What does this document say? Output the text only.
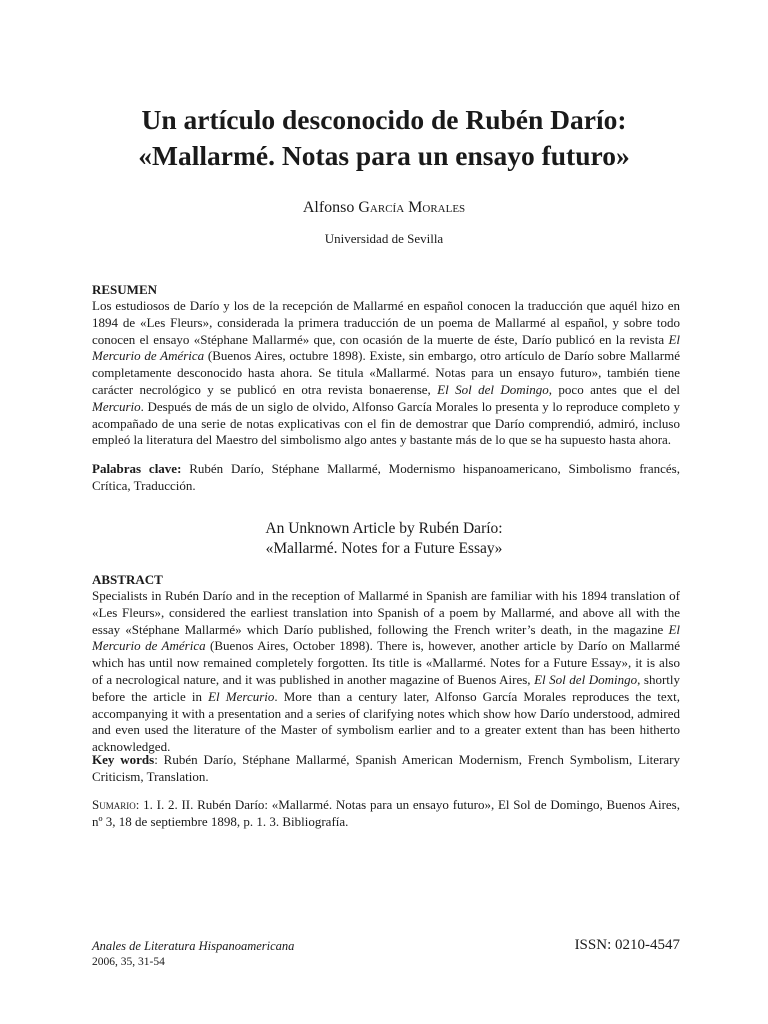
Un artículo desconocido de Rubén Darío:
«Mallarmé. Notas para un ensayo futuro»
Alfonso García Morales
Universidad de Sevilla
RESUMEN
Los estudiosos de Darío y los de la recepción de Mallarmé en español conocen la traducción que aquél hizo en 1894 de «Les Fleurs», considerada la primera traducción de un poema de Mallarmé al español, y sobre todo conocen el ensayo «Stéphane Mallarmé» que, con ocasión de la muerte de éste, Darío publicó en la revista El Mercurio de América (Buenos Aires, octubre 1898). Existe, sin embargo, otro artículo de Darío sobre Mallarmé completamente desconocido hasta ahora. Se titula «Mallarmé. Notas para un ensayo futuro», también tiene carácter necrológico y se publicó en otra revista bonaerense, El Sol del Domingo, poco antes que el del Mercurio. Después de más de un siglo de olvido, Alfonso García Morales lo presenta y lo reproduce completo y acompañado de una serie de notas explicativas con el fin de demostrar que Darío comprendió, admiró, incluso empleó la literatura del Maestro del simbolismo algo antes y bastante más de lo que se ha supuesto hasta ahora.
Palabras clave: Rubén Darío, Stéphane Mallarmé, Modernismo hispanoamericano, Simbolismo francés, Crítica, Traducción.
An Unknown Article by Rubén Darío:
«Mallarmé. Notes for a Future Essay»
ABSTRACT
Specialists in Rubén Darío and in the reception of Mallarmé in Spanish are familiar with his 1894 translation of «Les Fleurs», considered the earliest translation into Spanish of a poem by Mallarmé, and above all with the essay «Stéphane Mallarmé» which Darío published, following the French writer’s death, in the magazine El Mercurio de América (Buenos Aires, October 1898). There is, however, another article by Darío on Mallarmé which has until now remained completely forgotten. Its title is «Mallarmé. Notes for a Future Essay», it is also of a necrological nature, and it was published in another magazine of Buenos Aires, El Sol del Domingo, shortly before the article in El Mercurio. More than a century later, Alfonso García Morales reproduces the text, accompanying it with a presentation and a series of clarifying notes which show how Darío understood, admired and even used the literature of the Master of symbolism earlier and to a greater extent than has been hitherto acknowledged.
Key words: Rubén Darío, Stéphane Mallarmé, Spanish American Modernism, French Symbolism, Literary Criticism, Translation.
Sumario: 1. I. 2. II. Rubén Darío: «Mallarmé. Notas para un ensayo futuro», El Sol de Domingo, Buenos Aires, nº 3, 18 de septiembre 1898, p. 1. 3. Bibliografía.
Anales de Literatura Hispanoamericana
2006, 35, 31-54
ISSN: 0210-4547
